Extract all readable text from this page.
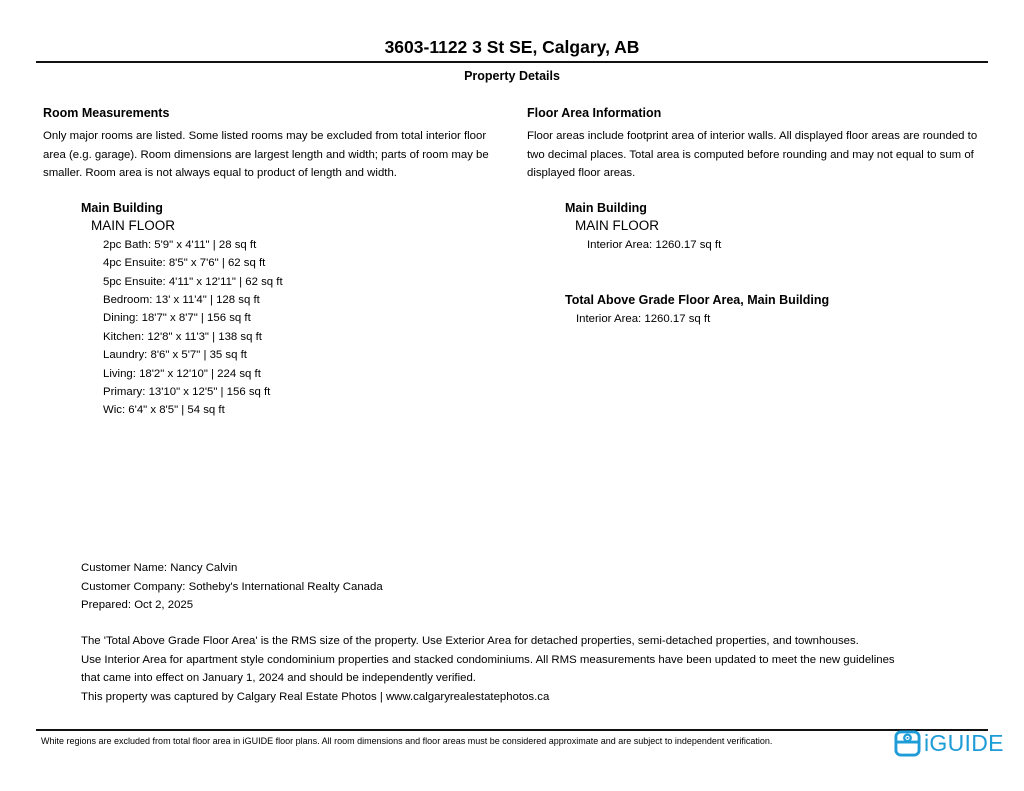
3603-1122 3 St SE, Calgary, AB
Property Details
Room Measurements

Only major rooms are listed. Some listed rooms may be excluded from total interior floor area (e.g. garage). Room dimensions are largest length and width; parts of room may be smaller. Room area is not always equal to product of length and width.

Floor Area Information

Floor areas include footprint area of interior walls. All displayed floor areas are rounded to two decimal places. Total area is computed before rounding and may not equal to sum of displayed floor areas.

Main Building
MAIN FLOOR
2pc Bath: 5'9" x 4'11" | 28 sq ft
4pc Ensuite: 8'5" x 7'6" | 62 sq ft
5pc Ensuite: 4'11" x 12'11" | 62 sq ft
Bedroom: 13' x 11'4" | 128 sq ft
Dining: 18'7" x 8'7" | 156 sq ft
Kitchen: 12'8" x 11'3" | 138 sq ft
Laundry: 8'6" x 5'7" | 35 sq ft
Living: 18'2" x 12'10" | 224 sq ft
Primary: 13'10" x 12'5" | 156 sq ft
Wic: 6'4" x 8'5" | 54 sq ft
Main Building
MAIN FLOOR
Interior Area: 1260.17 sq ft
Total Above Grade Floor Area, Main Building
Interior Area: 1260.17 sq ft
Customer Name: Nancy Calvin
Customer Company: Sotheby's International Realty Canada
Prepared: Oct 2, 2025
The 'Total Above Grade Floor Area' is the RMS size of the property. Use Exterior Area for detached properties, semi-detached properties, and townhouses.
Use Interior Area for apartment style condominium properties and stacked condominiums. All RMS measurements have been updated to meet the new guidelines
that came into effect on January 1, 2024 and should be independently verified.
This property was captured by Calgary Real Estate Photos | www.calgaryrealestatephotos.ca
White regions are excluded from total floor area in iGUIDE floor plans. All room dimensions and floor areas must be considered approximate and are subject to independent verification.	iGUIDE
